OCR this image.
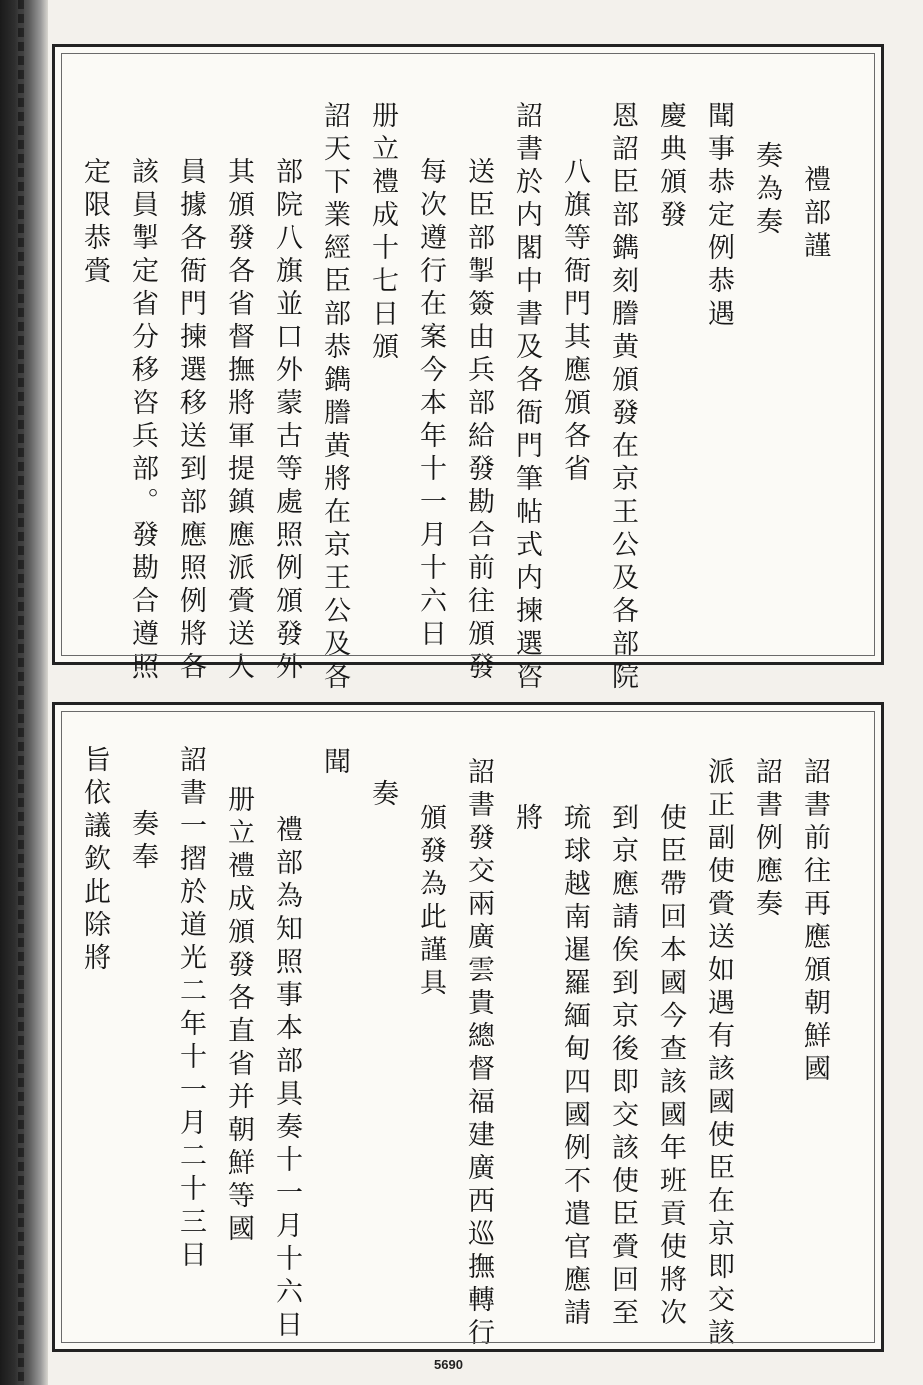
禮部謹
奏為奏
聞事恭定例恭遇
慶典頒發
恩詔臣部鐫刻謄黄頒發在京王公及各部院
八旗等衙門其應頒各省
詔書於内閣中書及各衙門筆帖式内揀選咨
送臣部掣簽由兵部給發勘合前往頒發
每次遵行在案今本年十一月十六日
册立禮成十七日頒
詔天下業經臣部恭鐫謄黄將在京王公及各
部院八旗並口外蒙古等處照例頒發外
其頒發各省督撫將軍提鎮應派賫送人
員據各衙門揀選移送到部應照例將各
該員掣定省分移咨兵部。發勘合遵照
定限恭賫
詔書前往再應頒朝鮮國
詔書例應奏
派正副使賫送如遇有該國使臣在京即交該
使臣帶回本國今查該國年班貢使將次
到京應請俟到京後即交該使臣賫回至
琉球越南暹羅緬甸四國例不遣官應請
將
詔書發交兩廣雲貴總督福建廣西巡撫轉行
頒發為此謹具
奏
聞
禮部為知照事本部具奏十一月十六日
册立禮成頒發各直省并朝鮮等國
詔書一摺於道光二年十一月二十三日
奏奉
旨依議欽此除將
5690
